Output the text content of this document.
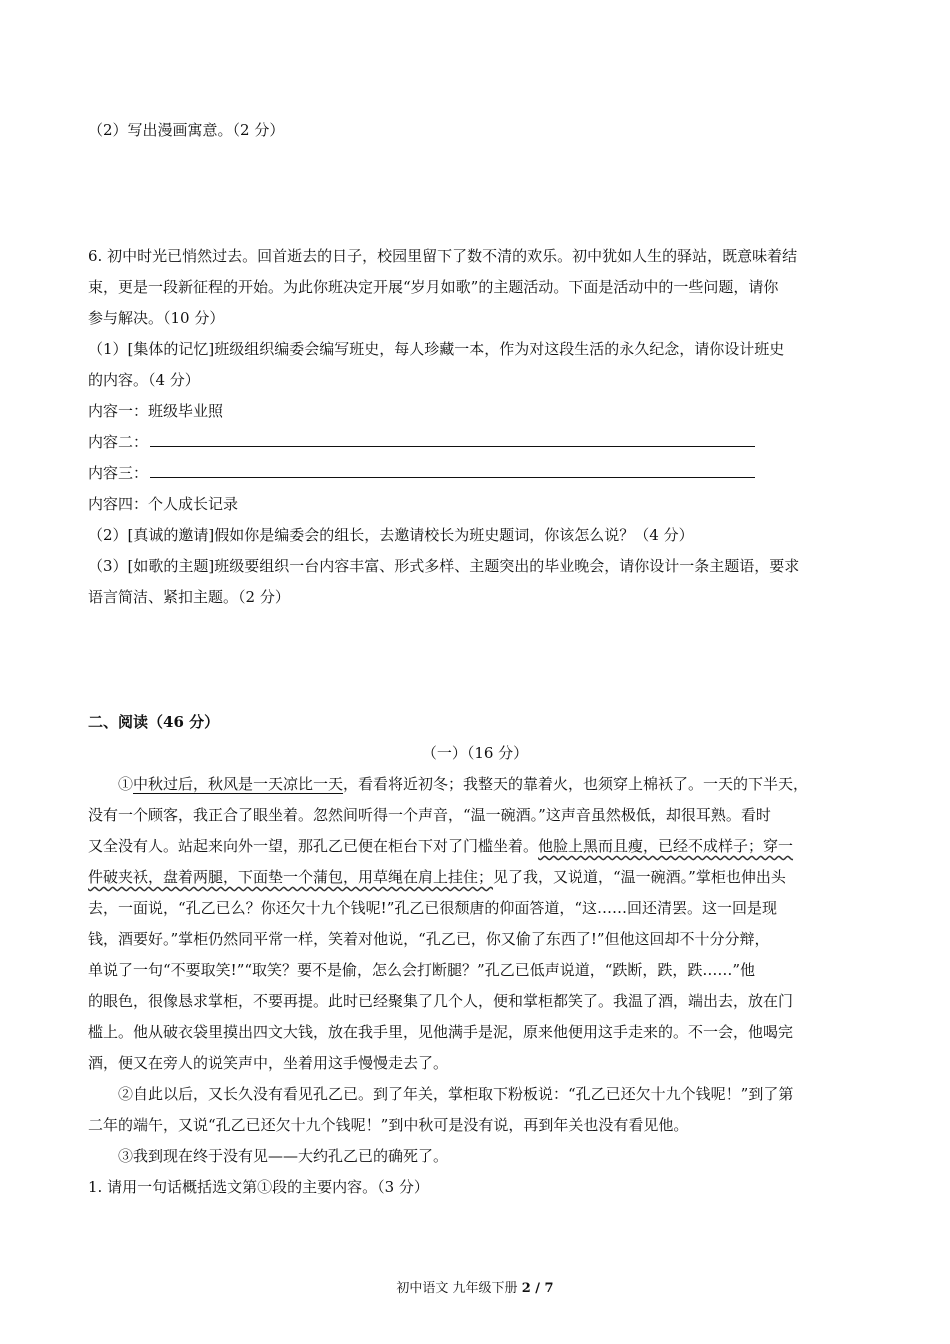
（2）写出漫画寓意。（2 分）
6. 初中时光已悄然过去。回首逝去的日子，校园里留下了数不清的欢乐。初中犹如人生的驿站，既意味着结
束，更是一段新征程的开始。为此你班决定开展“岁月如歌”的主题活动。下面是活动中的一些问题，请你
参与解决。（10 分）
（1）[集体的记忆]班级组织编委会编写班史，每人珍藏一本，作为对这段生活的永久纪念，请你设计班史
的内容。（4 分）
内容一：班级毕业照
内容二：
内容三：
内容四：个人成长记录
（2）[真诚的邀请]假如你是编委会的组长，去邀请校长为班史题词，你该怎么说？（4 分）
（3）[如歌的主题]班级要组织一台内容丰富、形式多样、主题突出的毕业晚会，请你设计一条主题语，要求
语言简洁、紧扣主题。（2 分）
二、阅读（46 分）
（一）（16 分）
①中秋过后，秋风是一天凉比一天，看看将近初冬；我整天的靠着火，也须穿上棉袄了。一天的下半天，
没有一个顾客，我正合了眼坐着。忽然间听得一个声音，“温一碗酒。”这声音虽然极低，却很耳熟。看时
又全没有人。站起来向外一望，那孔乙已便在柜台下对了门槛坐着。他脸上黑而且瘦，已经不成样子；穿一
件破夹袄，盘着两腿，下面垫一个蒲包，用草绳在肩上挂住；见了我，又说道，“温一碗酒。”掌柜也伸出头
去，一面说，“孔乙已么？你还欠十九个钱呢!”孔乙已很颓唐的仰面答道，“这……回还清罢。这一回是现
钱，酒要好。”掌柜仍然同平常一样，笑着对他说，“孔乙已，你又偷了东西了!”但他这回却不十分分辩，
单说了一句“不要取笑!”“取笑？要不是偷，怎么会打断腿？”孔乙已低声说道，“跌断，跌，跌……”他
的眼色，很像恳求掌柜，不要再提。此时已经聚集了几个人，便和掌柜都笑了。我温了酒，端出去，放在门
槛上。他从破衣袋里摸出四文大钱，放在我手里，见他满手是泥，原来他便用这手走来的。不一会，他喝完
酒，便又在旁人的说笑声中，坐着用这手慢慢走去了。
②自此以后，又长久没有看见孔乙已。到了年关，掌柜取下粉板说：“孔乙已还欠十九个钱呢！”到了第
二年的端午，又说“孔乙已还欠十九个钱呢！”到中秋可是没有说，再到年关也没有看见他。
③我到现在终于没有见——大约孔乙已的确死了。
1. 请用一句话概括选文第①段的主要内容。（3 分）
初中语文 九年级下册 2 / 7
